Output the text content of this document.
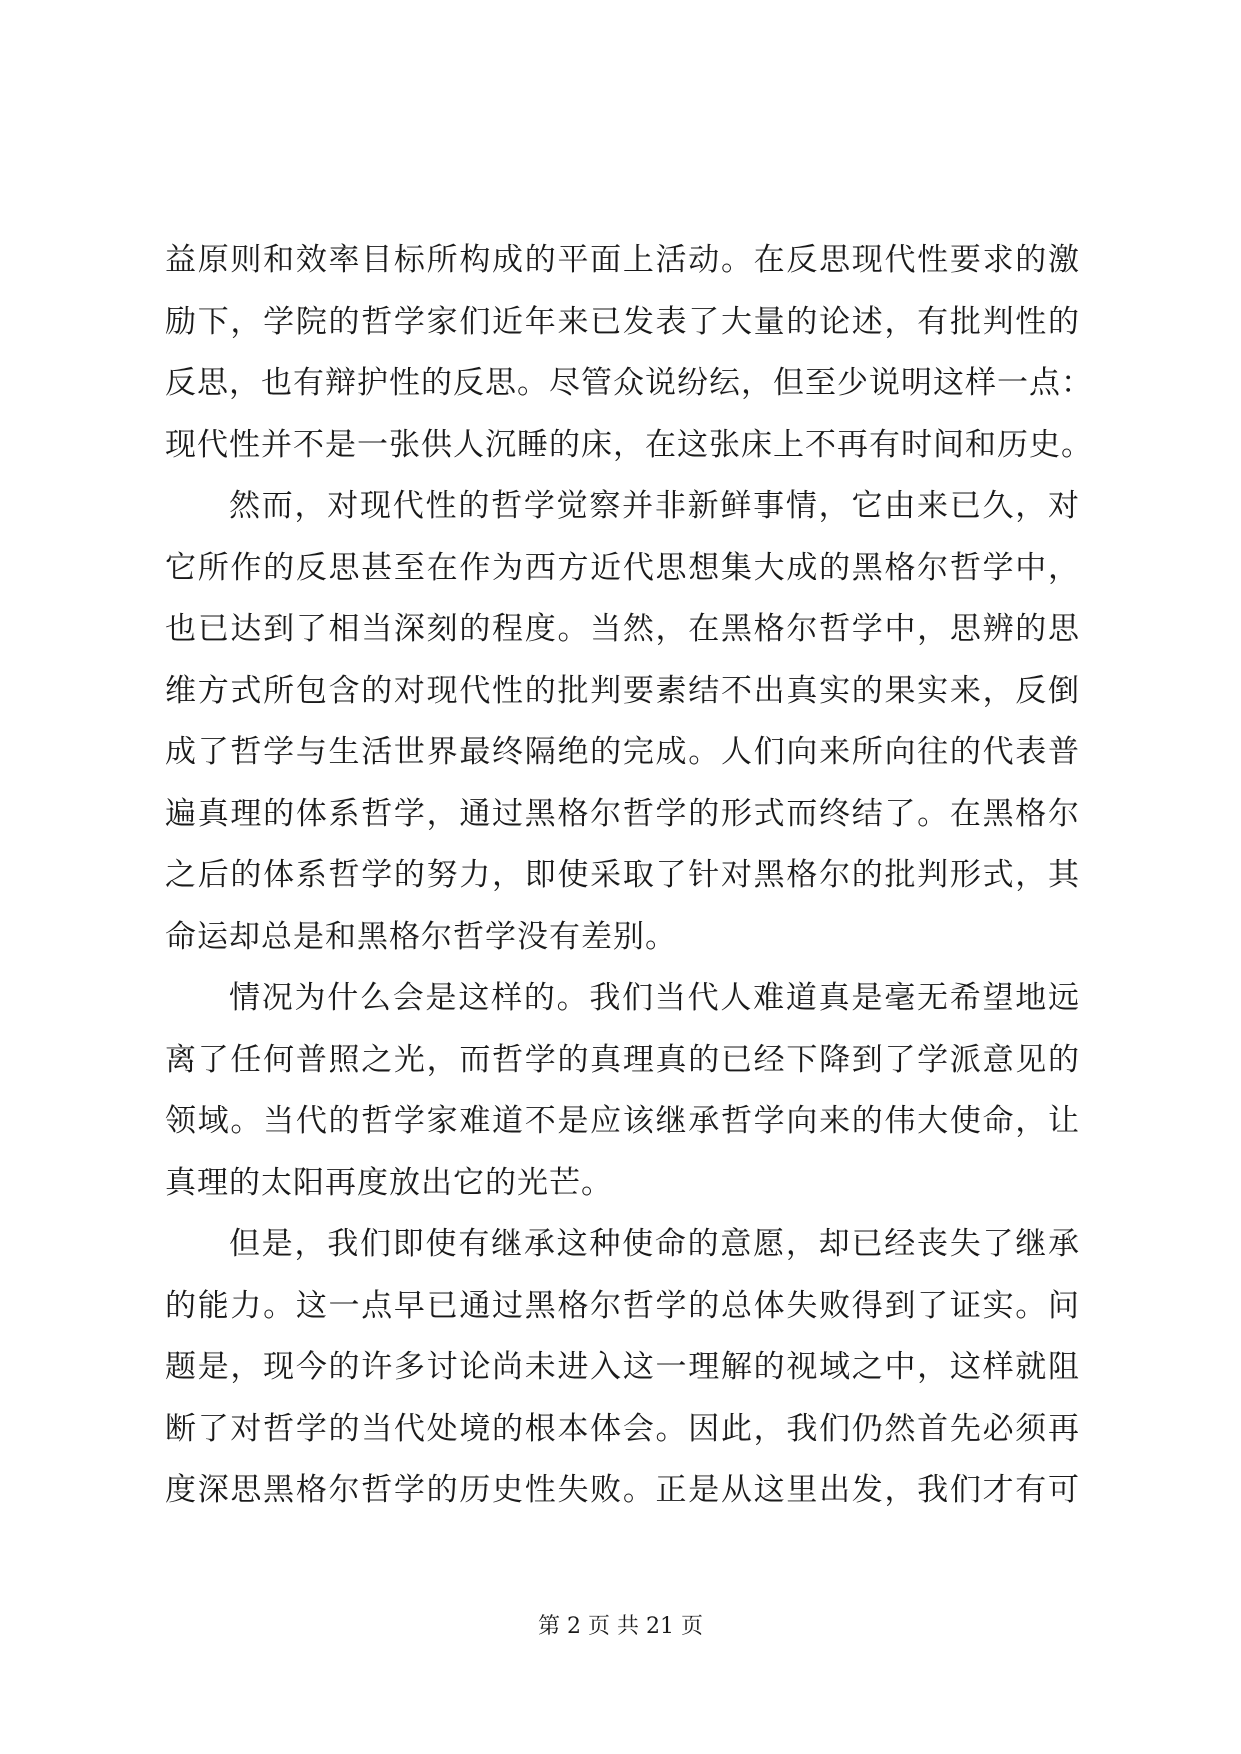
益原则和效率目标所构成的平面上活动。在反思现代性要求的激
励下，学院的哲学家们近年来已发表了大量的论述，有批判性的
反思，也有辩护性的反思。尽管众说纷纭，但至少说明这样一点：
现代性并不是一张供人沉睡的床，在这张床上不再有时间和历史。
然而，对现代性的哲学觉察并非新鲜事情，它由来已久，对
它所作的反思甚至在作为西方近代思想集大成的黑格尔哲学中，
也已达到了相当深刻的程度。当然，在黑格尔哲学中，思辨的思
维方式所包含的对现代性的批判要素结不出真实的果实来，反倒
成了哲学与生活世界最终隔绝的完成。人们向来所向往的代表普
遍真理的体系哲学，通过黑格尔哲学的形式而终结了。在黑格尔
之后的体系哲学的努力，即使采取了针对黑格尔的批判形式，其
命运却总是和黑格尔哲学没有差别。
情况为什么会是这样的。我们当代人难道真是毫无希望地远
离了任何普照之光，而哲学的真理真的已经下降到了学派意见的
领域。当代的哲学家难道不是应该继承哲学向来的伟大使命，让
真理的太阳再度放出它的光芒。
但是，我们即使有继承这种使命的意愿，却已经丧失了继承
的能力。这一点早已通过黑格尔哲学的总体失败得到了证实。问
题是，现今的许多讨论尚未进入这一理解的视域之中，这样就阻
断了对哲学的当代处境的根本体会。因此，我们仍然首先必须再
度深思黑格尔哲学的历史性失败。正是从这里出发，我们才有可
第 2 页 共 21 页
